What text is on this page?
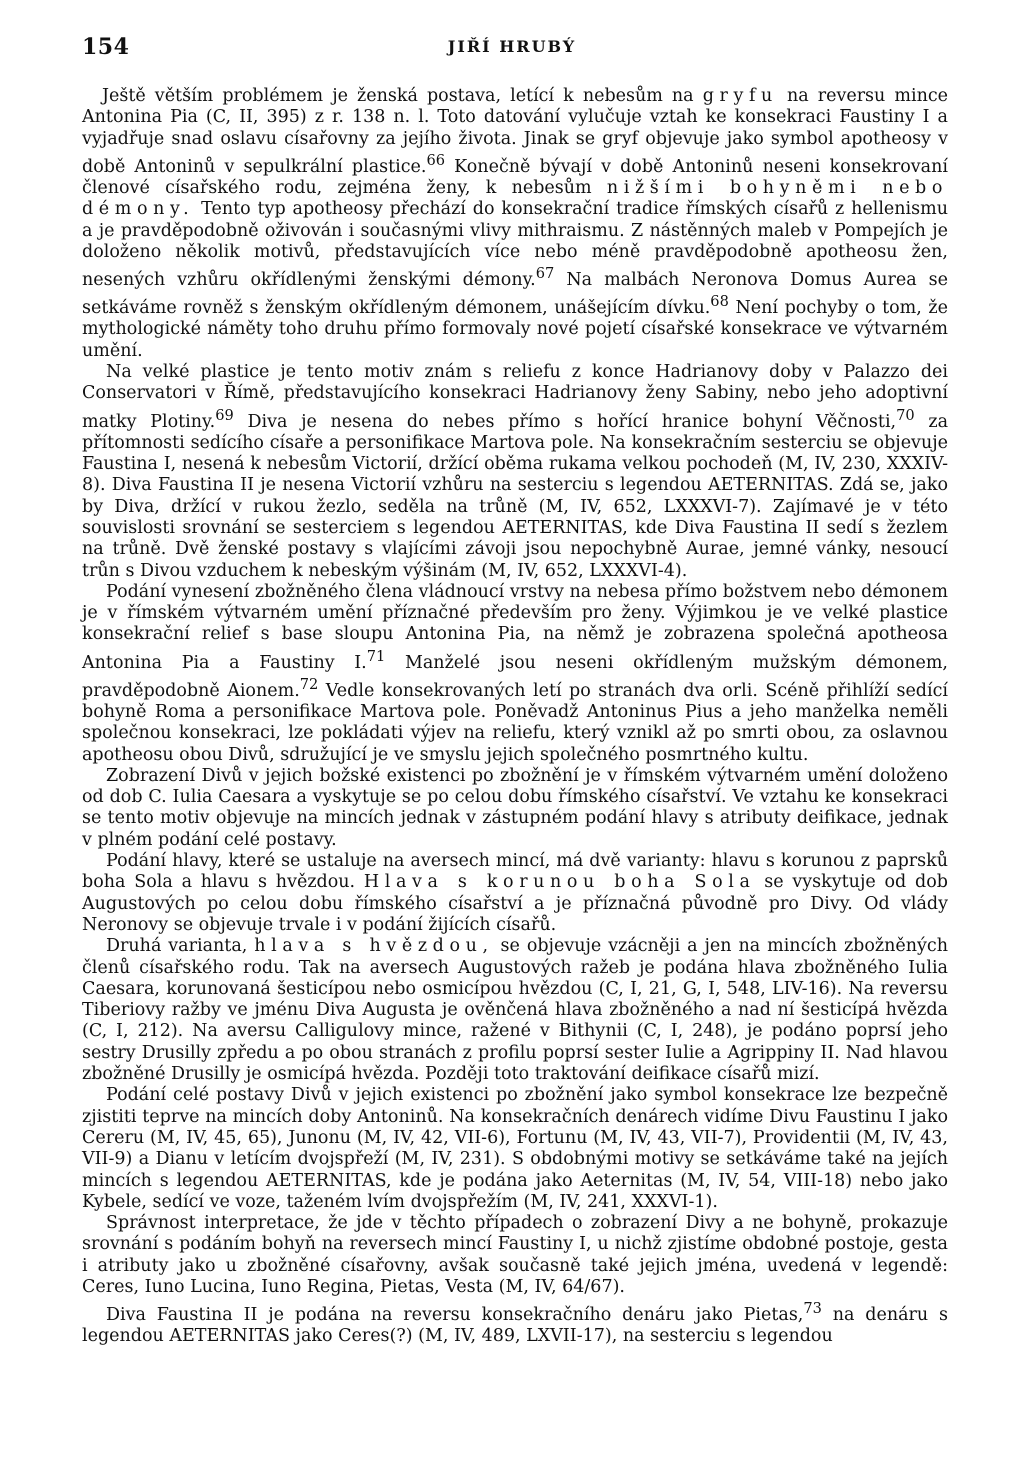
154	JIŘÍ HRUBÝ

Ještě větším problémem je ženská postava, letící k nebesům na gryfu na reversu mince Antonina Pia (C, II, 395) z r. 138 n. l. Toto datování vylučuje vztah ke konsekraci Faustiny I a vyjadřuje snad oslavu císařovny za jejího života. Jinak se gryf objevuje jako symbol apotheosy v době Antoninů v sepulkrální plastice.$^{66}$ Konečně bývají v době Antoninů neseni konsekrovaní členové císařského rodu, zejména ženy, k nebesům nižšími bohyněmi nebo démony. Tento typ apotheosy přechází do konsekrační tradice římských císařů z hellenismu a je pravděpodobně oživován i současnými vlivy mithraismu. Z nástěnných maleb v Pompejích je doloženo několik motivů, představujících více nebo méně pravděpodobně apotheosu žen, nesených vzhůru okřídlenými ženskými démony.$^{67}$ Na malbách Neronova Domus Aurea se setkáváme rovněž s ženským okřídleným démonem, unášejícím dívku.$^{68}$ Není pochyby o tom, že mythologické náměty toho druhu přímo formovaly nové pojetí císařské konsekrace ve výtvarném umění.

Na velké plastice je tento motiv znám s reliefu z konce Hadrianovy doby v Palazzo dei Conservatori v Římě, představujícího konsekraci Hadrianovy ženy Sabiny, nebo jeho adoptivní matky Plotiny.$^{69}$ Diva je nesena do nebes přímo s hořící hranice bohyní Věčnosti,$^{70}$ za přítomnosti sedícího císaře a personifikace Martova pole. Na konsekračním sesterciu se objevuje Faustina I, nesená k nebesům Victorií, držící oběma rukama velkou pochodeň (M, IV, 230, XXXIV-8). Diva Faustina II je nesena Victorií vzhůru na sesterciu s legendou AETERNITAS. Zdá se, jako by Diva, držící v rukou žezlo, seděla na trůně (M, IV, 652, LXXXVI-7). Zajímavé je v této souvislosti srovnání se sesterciem s legendou AETERNITAS, kde Diva Faustina II sedí s žezlem na trůně. Dvě ženské postavy s vlajícími závoji jsou nepochybně Aurae, jemné vánky, nesoucí trůn s Divou vzduchem k nebeským výšinám (M, IV, 652, LXXXVI-4).

Podání vynesení zbožněného člena vládnoucí vrstvy na nebesa přímo božstvem nebo démonem je v římském výtvarném umění příznačné především pro ženy. Výjimkou je ve velké plastice konsekrační relief s base sloupu Antonina Pia, na němž je zobrazena společná apotheosa Antonina Pia a Faustiny I.$^{71}$ Manželé jsou neseni okřídleným mužským démonem, pravděpodobně Aionem.$^{72}$ Vedle konsekrovaných letí po stranách dva orli. Scéně přihlíží sedící bohyně Roma a personifikace Martova pole. Poněvadž Antoninus Pius a jeho manželka neměli společnou konsekraci, lze pokládati výjev na reliefu, který vznikl až po smrti obou, za oslavnou apotheosu obou Divů, sdružující je ve smyslu jejich společného posmrtného kultu.

Zobrazení Divů v jejich božské existenci po zbožnění je v římském výtvarném umění doloženo od dob C. Iulia Caesara a vyskytuje se po celou dobu římského císařství. Ve vztahu ke konsekraci se tento motiv objevuje na mincích jednak v zástupném podání hlavy s atributy deifikace, jednak v plném podání celé postavy.

Podání hlavy, které se ustaluje na aversech mincí, má dvě varianty: hlavu s korunou z paprsků boha Sola a hlavu s hvězdou. Hlava s korunou boha Sola se vyskytuje od dob Augustových po celou dobu římského císařství a je příznačná původně pro Divy. Od vlády Neronovy se objevuje trvale i v podání žijících císařů.

Druhá varianta, hlava s hvězdou, se objevuje vzácněji a jen na mincích zbožněných členů císařského rodu. Tak na aversech Augustových ražeb je podána hlava zbožněného Iulia Caesara, korunovaná šesticípou nebo osmicípou hvězdou (C, I, 21, G, I, 548, LIV-16). Na reversu Tiberiovy ražby ve jménu Diva Augusta je ověnčená hlava zbožněného a nad ní šesticípá hvězda (C, I, 212). Na aversu Calligulovy mince, ražené v Bithynii (C, I, 248), je podáno poprsí jeho sestry Drusilly zpředu a po obou stranách z profilu poprsí sester Iulie a Agrippiny II. Nad hlavou zbožněné Drusilly je osmicípá hvězda. Později toto traktování deifikace císařů mizí.

Podání celé postavy Divů v jejich existenci po zbožnění jako symbol konsekrace lze bezpečně zjistiti teprve na mincích doby Antoninů. Na konsekračních denárech vidíme Divu Faustinu I jako Cereru (M, IV, 45, 65), Junonu (M, IV, 42, VII-6), Fortunu (M, IV, 43, VII-7), Providentii (M, IV, 43, VII-9) a Dianu v letícím dvojspřeží (M, IV, 231). S obdobnými motivy se setkáváme také na jejích mincích s legendou AETERNITAS, kde je podána jako Aeternitas (M, IV, 54, VIII-18) nebo jako Kybele, sedící ve voze, taženém lvím dvojspřežím (M, IV, 241, XXXVI-1).

Správnost interpretace, že jde v těchto případech o zobrazení Divy a ne bohyně, prokazuje srovnání s podáním bohyň na reversech mincí Faustiny I, u nichž zjistíme obdobné postoje, gesta i atributy jako u zbožněné císařovny, avšak současně také jejich jména, uvedená v legendě: Ceres, Iuno Lucina, Iuno Regina, Pietas, Vesta (M, IV, 64/67).

Diva Faustina II je podána na reversu konsekračního denáru jako Pietas,$^{73}$ na denáru s legendou AETERNITAS jako Ceres(?) (M, IV, 489, LXVII-17), na sesterciu s legendou
